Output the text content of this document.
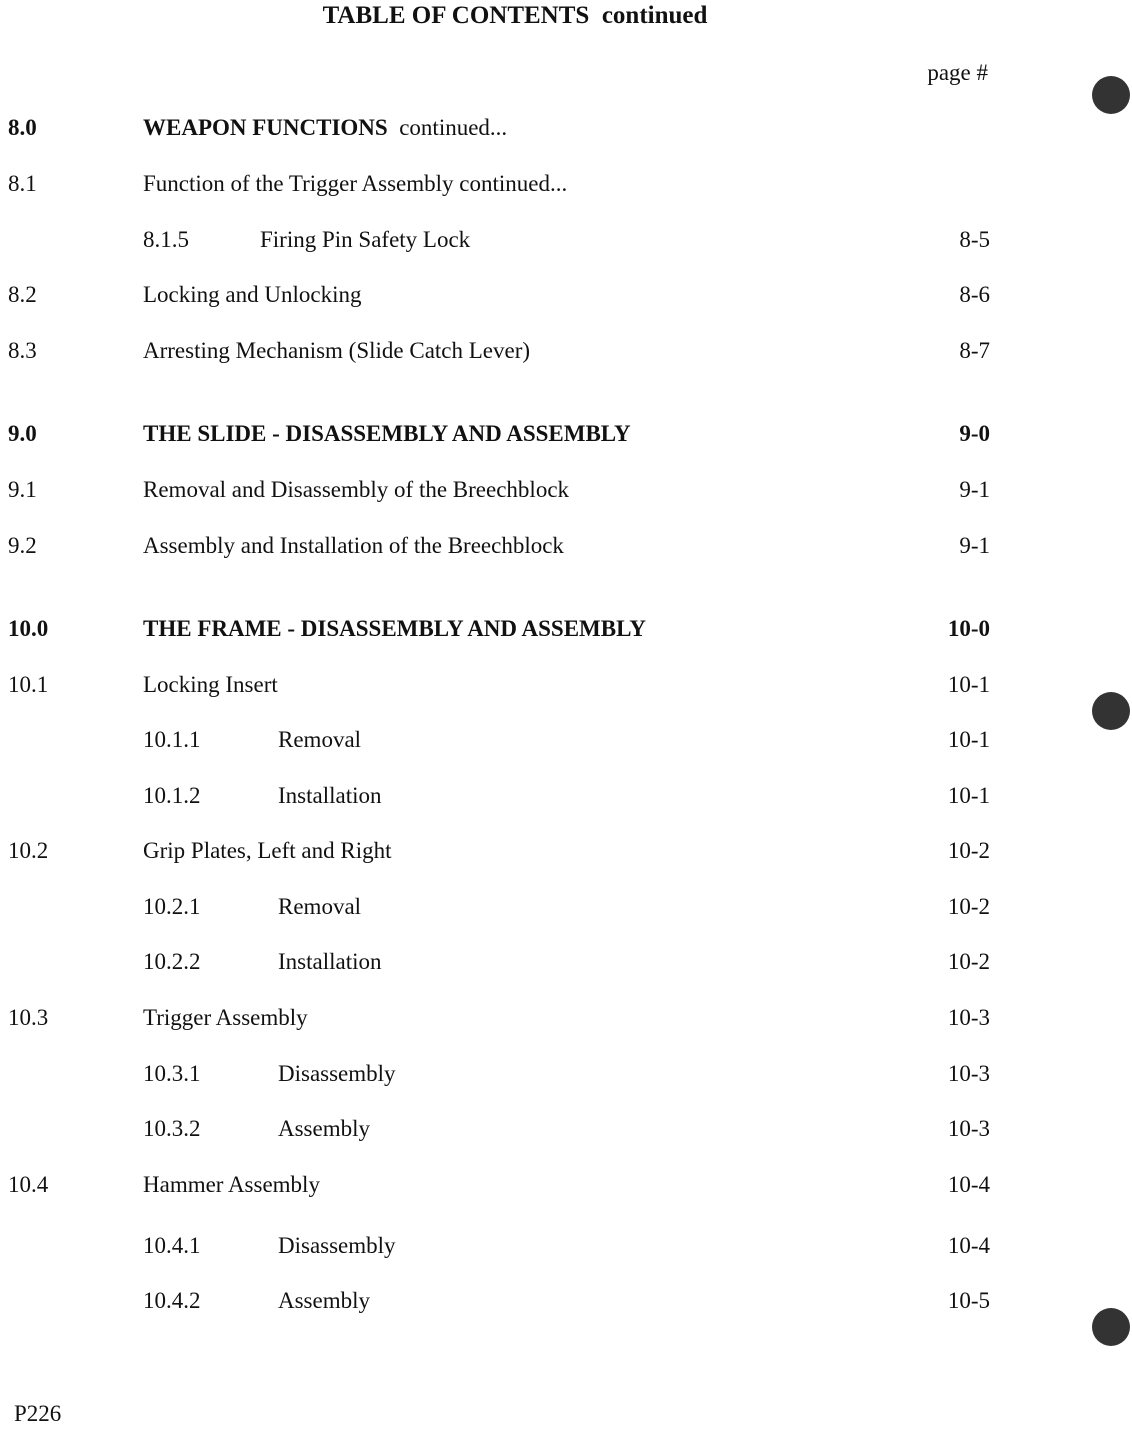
TABLE OF CONTENTS  continued
page #
8.0	WEAPON FUNCTIONS continued...
8.1	Function of the Trigger Assembly continued...
8.1.5	Firing Pin Safety Lock	8-5
8.2	Locking and Unlocking	8-6
8.3	Arresting Mechanism (Slide Catch Lever)	8-7
9.0	THE SLIDE - DISASSEMBLY AND ASSEMBLY	9-0
9.1	Removal and Disassembly of the Breechblock	9-1
9.2	Assembly and Installation of the Breechblock	9-1
10.0	THE FRAME - DISASSEMBLY AND ASSEMBLY	10-0
10.1	Locking Insert	10-1
10.1.1	Removal	10-1
10.1.2	Installation	10-1
10.2	Grip Plates, Left and Right	10-2
10.2.1	Removal	10-2
10.2.2	Installation	10-2
10.3	Trigger Assembly	10-3
10.3.1	Disassembly	10-3
10.3.2	Assembly	10-3
10.4	Hammer Assembly	10-4
10.4.1	Disassembly	10-4
10.4.2	Assembly	10-5
P226
